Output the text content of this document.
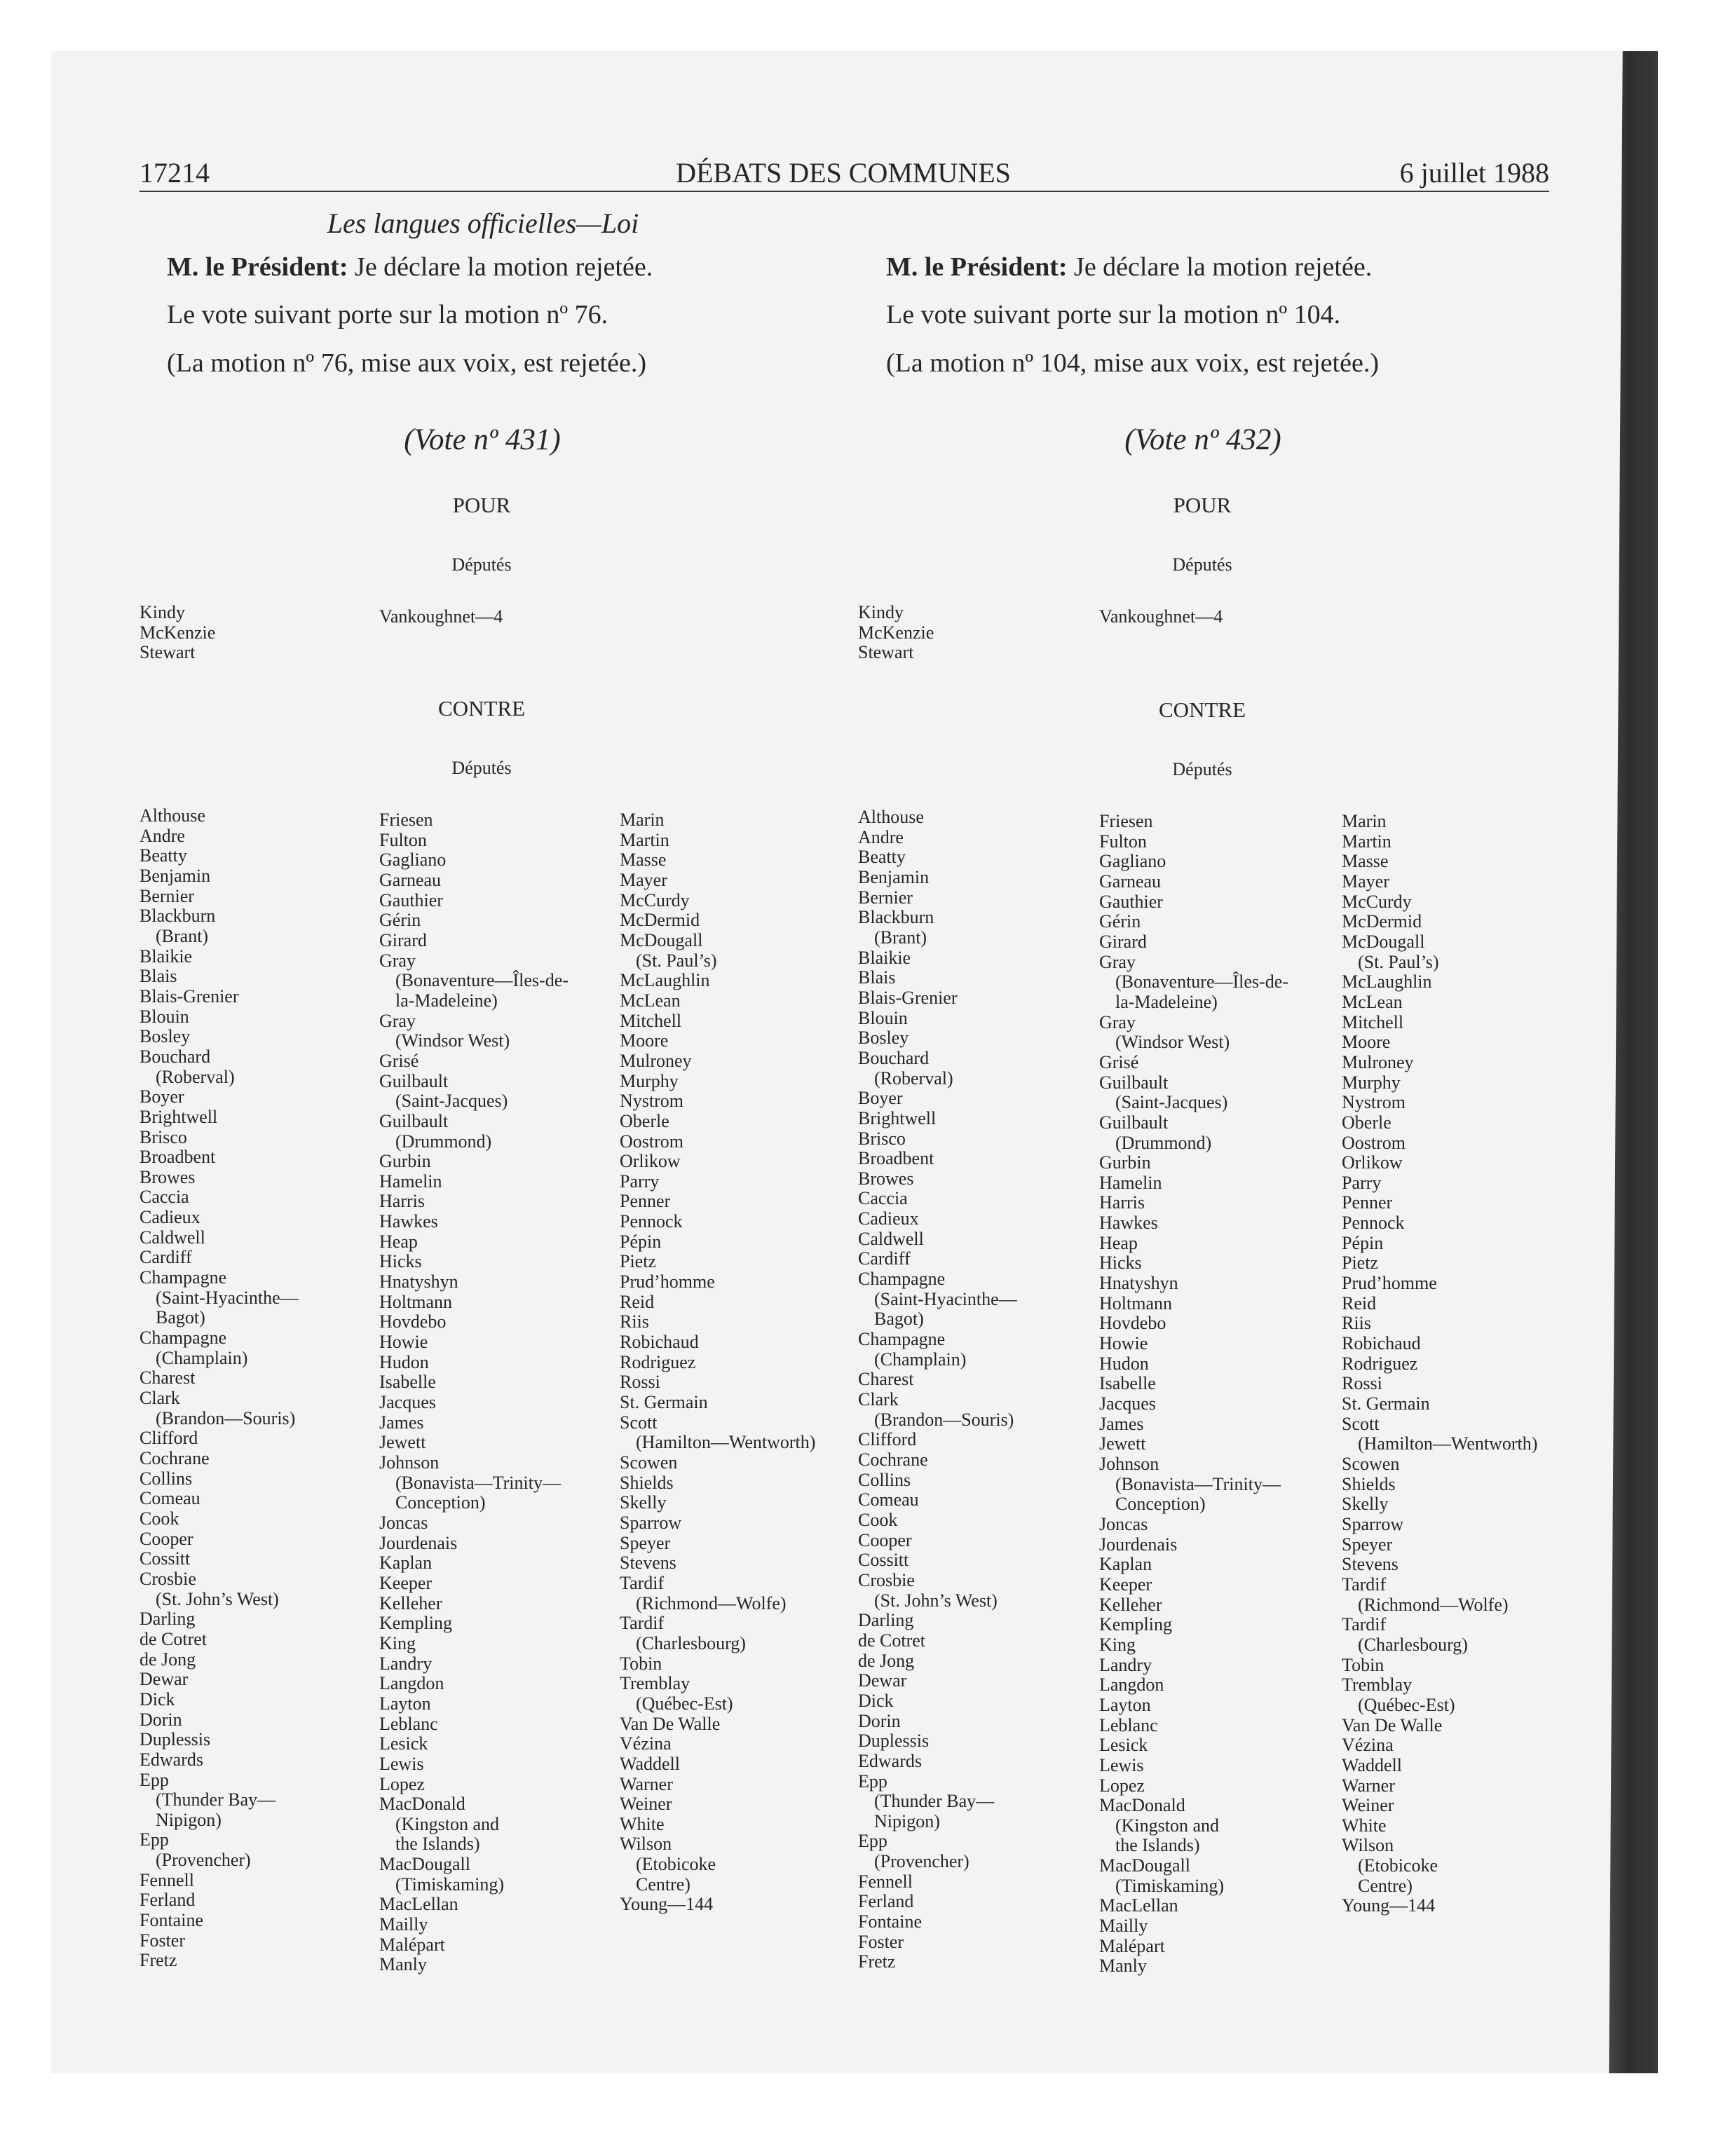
17214	DÉBATS DES COMMUNES	6 juillet 1988
Les langues officielles—Loi

M. le Président: Je déclare la motion rejetée.

Le vote suivant porte sur la motion nº 76.

(La motion nº 76, mise aux voix, est rejetée.)

(Vote nº 431)
POUR
Députés
Kindy
McKenzie
Stewart
Vankoughnet—4
CONTRE
Députés
Althouse
Andre
Beatty
Benjamin
Bernier
Blackburn
(Brant)
Blaikie
Blais
Blais-Grenier
Blouin
Bosley
Bouchard
(Roberval)
Boyer
Brightwell
Brisco
Broadbent
Browes
Caccia
Cadieux
Caldwell
Cardiff
Champagne
(Saint-Hyacinthe—
Bagot)
Champagne
(Champlain)
Charest
Clark
(Brandon—Souris)
Clifford
Cochrane
Collins
Comeau
Cook
Cooper
Cossitt
Crosbie
(St. John’s West)
Darling
de Cotret
de Jong
Dewar
Dick
Dorin
Duplessis
Edwards
Epp
(Thunder Bay—
Nipigon)
Epp
(Provencher)
Fennell
Ferland
Fontaine
Foster
Fretz
Friesen
Fulton
Gagliano
Garneau
Gauthier
Gérin
Girard
Gray
(Bonaventure—Îles-de-
la-Madeleine)
Gray
(Windsor West)
Grisé
Guilbault
(Saint-Jacques)
Guilbault
(Drummond)
Gurbin
Hamelin
Harris
Hawkes
Heap
Hicks
Hnatyshyn
Holtmann
Hovdebo
Howie
Hudon
Isabelle
Jacques
James
Jewett
Johnson
(Bonavista—Trinity—
Conception)
Joncas
Jourdenais
Kaplan
Keeper
Kelleher
Kempling
King
Landry
Langdon
Layton
Leblanc
Lesick
Lewis
Lopez
MacDonald
(Kingston and
the Islands)
MacDougall
(Timiskaming)
MacLellan
Mailly
Malépart
Manly
Marin
Martin
Masse
Mayer
McCurdy
McDermid
McDougall
(St. Paul’s)
McLaughlin
McLean
Mitchell
Moore
Mulroney
Murphy
Nystrom
Oberle
Oostrom
Orlikow
Parry
Penner
Pennock
Pépin
Pietz
Prud’homme
Reid
Riis
Robichaud
Rodriguez
Rossi
St. Germain
Scott
(Hamilton—Wentworth)
Scowen
Shields
Skelly
Sparrow
Speyer
Stevens
Tardif
(Richmond—Wolfe)
Tardif
(Charlesbourg)
Tobin
Tremblay
(Québec-Est)
Van De Walle
Vézina
Waddell
Warner
Weiner
White
Wilson
(Etobicoke
Centre)
Young—144

M. le Président: Je déclare la motion rejetée.

Le vote suivant porte sur la motion nº 104.

(La motion nº 104, mise aux voix, est rejetée.)

(Vote nº 432)
POUR
Députés
Kindy
McKenzie
Stewart
Vankoughnet—4
CONTRE
Députés
Althouse
Andre
Beatty
Benjamin
Bernier
Blackburn
(Brant)
Blaikie
Blais
Blais-Grenier
Blouin
Bosley
Bouchard
(Roberval)
Boyer
Brightwell
Brisco
Broadbent
Browes
Caccia
Cadieux
Caldwell
Cardiff
Champagne
(Saint-Hyacinthe—
Bagot)
Champagne
(Champlain)
Charest
Clark
(Brandon—Souris)
Clifford
Cochrane
Collins
Comeau
Cook
Cooper
Cossitt
Crosbie
(St. John’s West)
Darling
de Cotret
de Jong
Dewar
Dick
Dorin
Duplessis
Edwards
Epp
(Thunder Bay—
Nipigon)
Epp
(Provencher)
Fennell
Ferland
Fontaine
Foster
Fretz
Friesen
Fulton
Gagliano
Garneau
Gauthier
Gérin
Girard
Gray
(Bonaventure—Îles-de-
la-Madeleine)
Gray
(Windsor West)
Grisé
Guilbault
(Saint-Jacques)
Guilbault
(Drummond)
Gurbin
Hamelin
Harris
Hawkes
Heap
Hicks
Hnatyshyn
Holtmann
Hovdebo
Howie
Hudon
Isabelle
Jacques
James
Jewett
Johnson
(Bonavista—Trinity—
Conception)
Joncas
Jourdenais
Kaplan
Keeper
Kelleher
Kempling
King
Landry
Langdon
Layton
Leblanc
Lesick
Lewis
Lopez
MacDonald
(Kingston and
the Islands)
MacDougall
(Timiskaming)
MacLellan
Mailly
Malépart
Manly
Marin
Martin
Masse
Mayer
McCurdy
McDermid
McDougall
(St. Paul’s)
McLaughlin
McLean
Mitchell
Moore
Mulroney
Murphy
Nystrom
Oberle
Oostrom
Orlikow
Parry
Penner
Pennock
Pépin
Pietz
Prud’homme
Reid
Riis
Robichaud
Rodriguez
Rossi
St. Germain
Scott
(Hamilton—Wentworth)
Scowen
Shields
Skelly
Sparrow
Speyer
Stevens
Tardif
(Richmond—Wolfe)
Tardif
(Charlesbourg)
Tobin
Tremblay
(Québec-Est)
Van De Walle
Vézina
Waddell
Warner
Weiner
White
Wilson
(Etobicoke
Centre)
Young—144
